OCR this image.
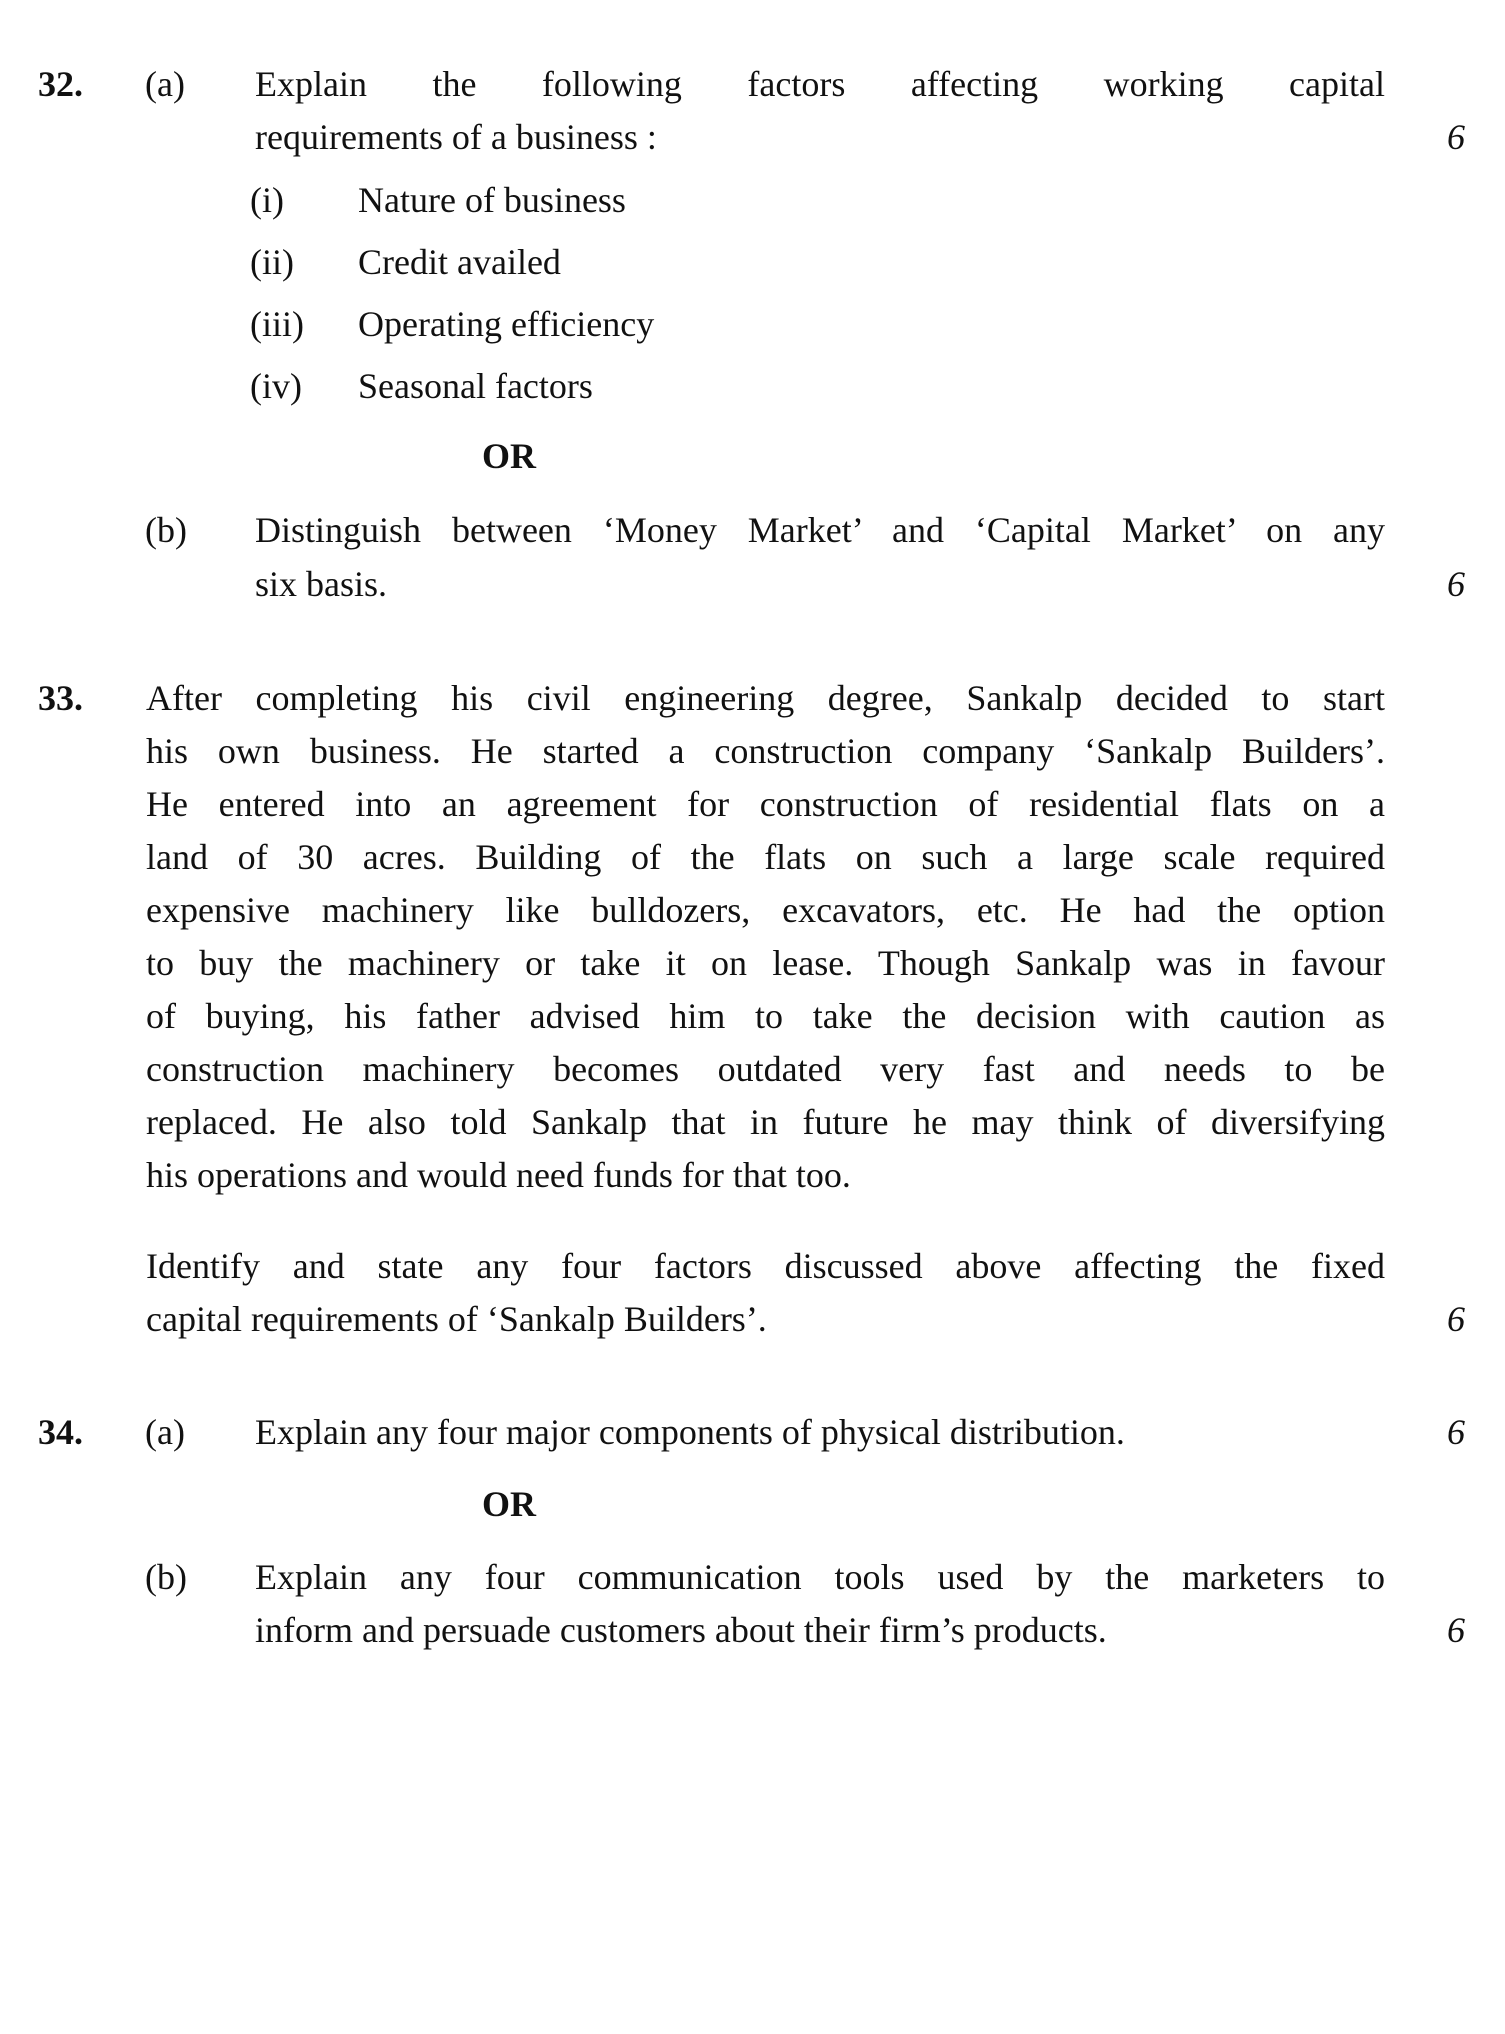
32. (a) Explain the following factors affecting working capital
requirements of a business :	6
(i) Nature of business
(ii) Credit availed
(iii) Operating efficiency
(iv) Seasonal factors
OR
(b) Distinguish between ‘Money Market’ and ‘Capital Market’ on any
six basis.	6
33. After completing his civil engineering degree, Sankalp decided to start
his own business. He started a construction company ‘Sankalp Builders’.
He entered into an agreement for construction of residential flats on a
land of 30 acres. Building of the flats on such a large scale required
expensive machinery like bulldozers, excavators, etc. He had the option
to buy the machinery or take it on lease. Though Sankalp was in favour
of buying, his father advised him to take the decision with caution as
construction machinery becomes outdated very fast and needs to be
replaced. He also told Sankalp that in future he may think of diversifying
his operations and would need funds for that too.
Identify and state any four factors discussed above affecting the fixed
capital requirements of ‘Sankalp Builders’.	6
34. (a) Explain any four major components of physical distribution.	6
OR
(b) Explain any four communication tools used by the marketers to
inform and persuade customers about their firm’s products.	6
